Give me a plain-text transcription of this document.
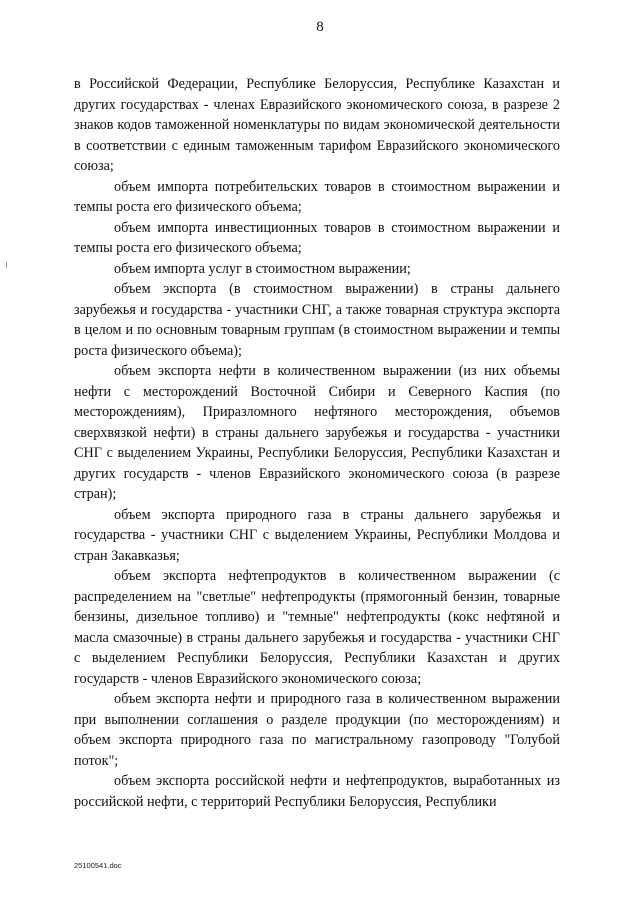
8

в Российской Федерации, Республике Белоруссия, Республике Казахстан и других государствах - членах Евразийского экономического союза, в разрезе 2 знаков кодов таможенной номенклатуры по видам экономической деятельности в соответствии с единым таможенным тарифом Евразийского экономического союза;

объем импорта потребительских товаров в стоимостном выражении и темпы роста его физического объема;

объем импорта инвестиционных товаров в стоимостном выражении и темпы роста его физического объема;

объем импорта услуг в стоимостном выражении;

объем экспорта (в стоимостном выражении) в страны дальнего зарубежья и государства - участники СНГ, а также товарная структура экспорта в целом и по основным товарным группам (в стоимостном выражении и темпы роста физического объема);

объем экспорта нефти в количественном выражении (из них объемы нефти с месторождений Восточной Сибири и Северного Каспия (по месторождениям), Приразломного нефтяного месторождения, объемов сверхвязкой нефти) в страны дальнего зарубежья и государства - участники СНГ с выделением Украины, Республики Белоруссия, Республики Казахстан и других государств - членов Евразийского экономического союза (в разрезе стран);

объем экспорта природного газа в страны дальнего зарубежья и государства - участники СНГ с выделением Украины, Республики Молдова и стран Закавказья;

объем экспорта нефтепродуктов в количественном выражении (с распределением на "светлые" нефтепродукты (прямогонный бензин, товарные бензины, дизельное топливо) и "темные" нефтепродукты (кокс нефтяной и масла смазочные) в страны дальнего зарубежья и государства - участники СНГ с выделением Республики Белоруссия, Республики Казахстан и других государств - членов Евразийского экономического союза;

объем экспорта нефти и природного газа в количественном выражении при выполнении соглашения о разделе продукции (по месторождениям) и объем экспорта природного газа по магистральному газопроводу "Голубой поток";

объем экспорта российской нефти и нефтепродуктов, выработанных из российской нефти, с территорий Республики Белоруссия, Республики

25100541.doc
